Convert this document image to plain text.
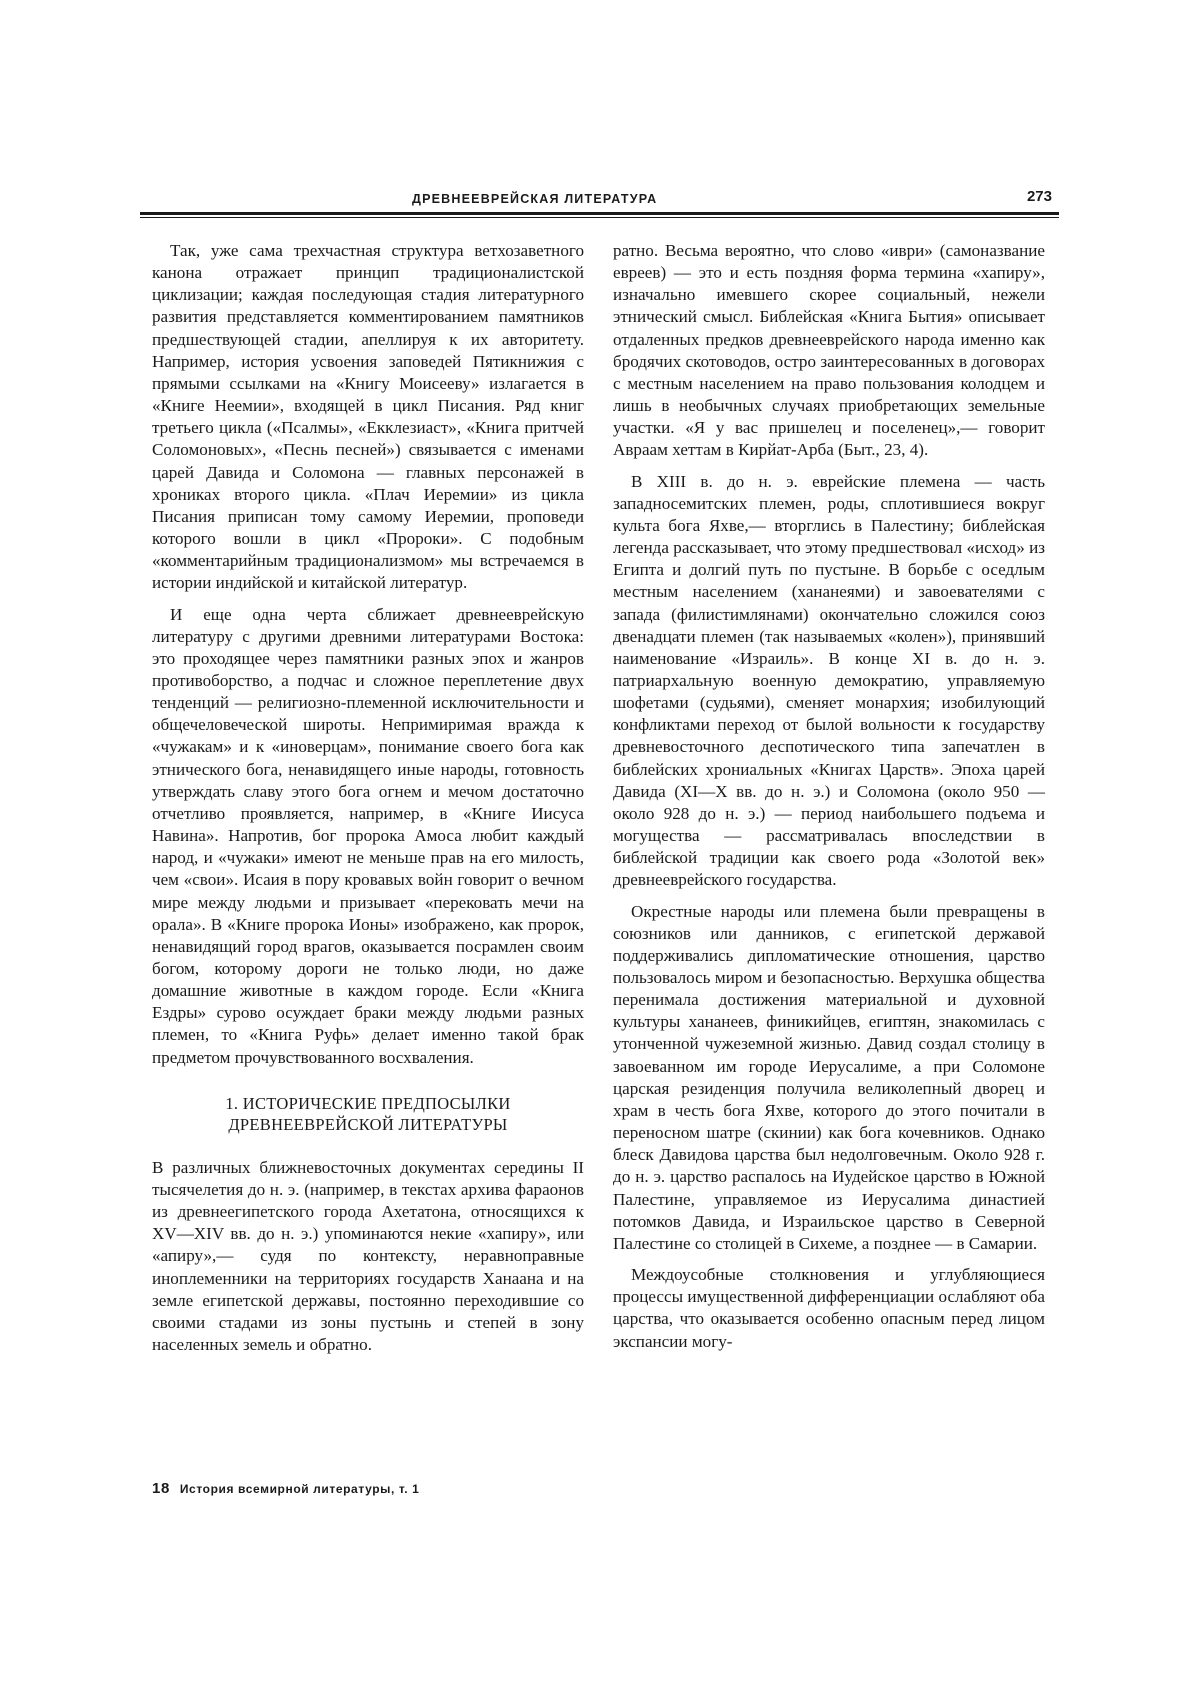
ДРЕВНЕЕВРЕЙСКАЯ ЛИТЕРАТУРА	273

Так, уже сама трехчастная структура ветхозаветного канона отражает принцип традиционалистской циклизации; каждая последующая стадия литературного развития представляется комментированием памятников предшествующей стадии, апеллируя к их авторитету. Например, история усвоения заповедей Пятикнижия с прямыми ссылками на «Книгу Моисееву» излагается в «Книге Неемии», входящей в цикл Писания. Ряд книг третьего цикла («Псалмы», «Екклезиаст», «Книга притчей Соломоновых», «Песнь песней») связывается с именами царей Давида и Соломона — главных персонажей в хрониках второго цикла. «Плач Иеремии» из цикла Писания приписан тому самому Иеремии, проповеди которого вошли в цикл «Пророки». С подобным «комментарийным традиционализмом» мы встречаемся в истории индийской и китайской литератур.

И еще одна черта сближает древнееврейскую литературу с другими древними литературами Востока: это проходящее через памятники разных эпох и жанров противоборство, а подчас и сложное переплетение двух тенденций — религиозно-племенной исключительности и общечеловеческой широты. Непримиримая вражда к «чужакам» и к «иноверцам», понимание своего бога как этнического бога, ненавидящего иные народы, готовность утверждать славу этого бога огнем и мечом достаточно отчетливо проявляется, например, в «Книге Иисуса Навина». Напротив, бог пророка Амоса любит каждый народ, и «чужаки» имеют не меньше прав на его милость, чем «свои». Исаия в пору кровавых войн говорит о вечном мире между людьми и призывает «перековать мечи на орала». В «Книге пророка Ионы» изображено, как пророк, ненавидящий город врагов, оказывается посрамлен своим богом, которому дороги не только люди, но даже домашние животные в каждом городе. Если «Книга Ездры» сурово осуждает браки между людьми разных племен, то «Книга Руфь» делает именно такой брак предметом прочувствованного восхваления.

1. ИСТОРИЧЕСКИЕ ПРЕДПОСЫЛКИ
ДРЕВНЕЕВРЕЙСКОЙ ЛИТЕРАТУРЫ

В различных ближневосточных документах середины II тысячелетия до н. э. (например, в текстах архива фараонов из древнеегипетского города Ахетатона, относящихся к XV—XIV вв. до н. э.) упоминаются некие «хапиру», или «апиру»,— судя по контексту, неравноправные иноплеменники на территориях государств Ханаана и на земле египетской державы, постоянно переходившие со своими стадами из зоны пустынь и степей в зону населенных земель и обратно.

ратно. Весьма вероятно, что слово «иври» (самоназвание евреев) — это и есть поздняя форма термина «хапиру», изначально имевшего скорее социальный, нежели этнический смысл. Библейская «Книга Бытия» описывает отдаленных предков древнееврейского народа именно как бродячих скотоводов, остро заинтересованных в договорах с местным населением на право пользования колодцем и лишь в необычных случаях приобретающих земельные участки. «Я у вас пришелец и поселенец»,— говорит Авраам хеттам в Кирйат-Арба (Быт., 23, 4).

В XIII в. до н. э. еврейские племена — часть западносемитских племен, роды, сплотившиеся вокруг культа бога Яхве,— вторглись в Палестину; библейская легенда рассказывает, что этому предшествовал «исход» из Египта и долгий путь по пустыне. В борьбе с оседлым местным населением (хананеями) и завоевателями с запада (филистимлянами) окончательно сложился союз двенадцати племен (так называемых «колен»), принявший наименование «Израиль». В конце XI в. до н. э. патриархальную военную демократию, управляемую шофетами (судьями), сменяет монархия; изобилующий конфликтами переход от былой вольности к государству древневосточного деспотического типа запечатлен в библейских хрониальных «Книгах Царств». Эпоха царей Давида (XI—X вв. до н. э.) и Соломона (около 950 — около 928 до н. э.) — период наибольшего подъема и могущества — рассматривалась впоследствии в библейской традиции как своего рода «Золотой век» древнееврейского государства.

Окрестные народы или племена были превращены в союзников или данников, с египетской державой поддерживались дипломатические отношения, царство пользовалось миром и безопасностью. Верхушка общества перенимала достижения материальной и духовной культуры хананеев, финикийцев, египтян, знакомилась с утонченной чужеземной жизнью. Давид создал столицу в завоеванном им городе Иерусалиме, а при Соломоне царская резиденция получила великолепный дворец и храм в честь бога Яхве, которого до этого почитали в переносном шатре (скинии) как бога кочевников. Однако блеск Давидова царства был недолговечным. Около 928 г. до н. э. царство распалось на Иудейское царство в Южной Палестине, управляемое из Иерусалима династией потомков Давида, и Израильское царство в Северной Палестине со столицей в Сихеме, а позднее — в Самарии.

Междоусобные столкновения и углубляющиеся процессы имущественной дифференциации ослабляют оба царства, что оказывается особенно опасным перед лицом экспансии могу-

18 История всемирной литературы, т. 1
